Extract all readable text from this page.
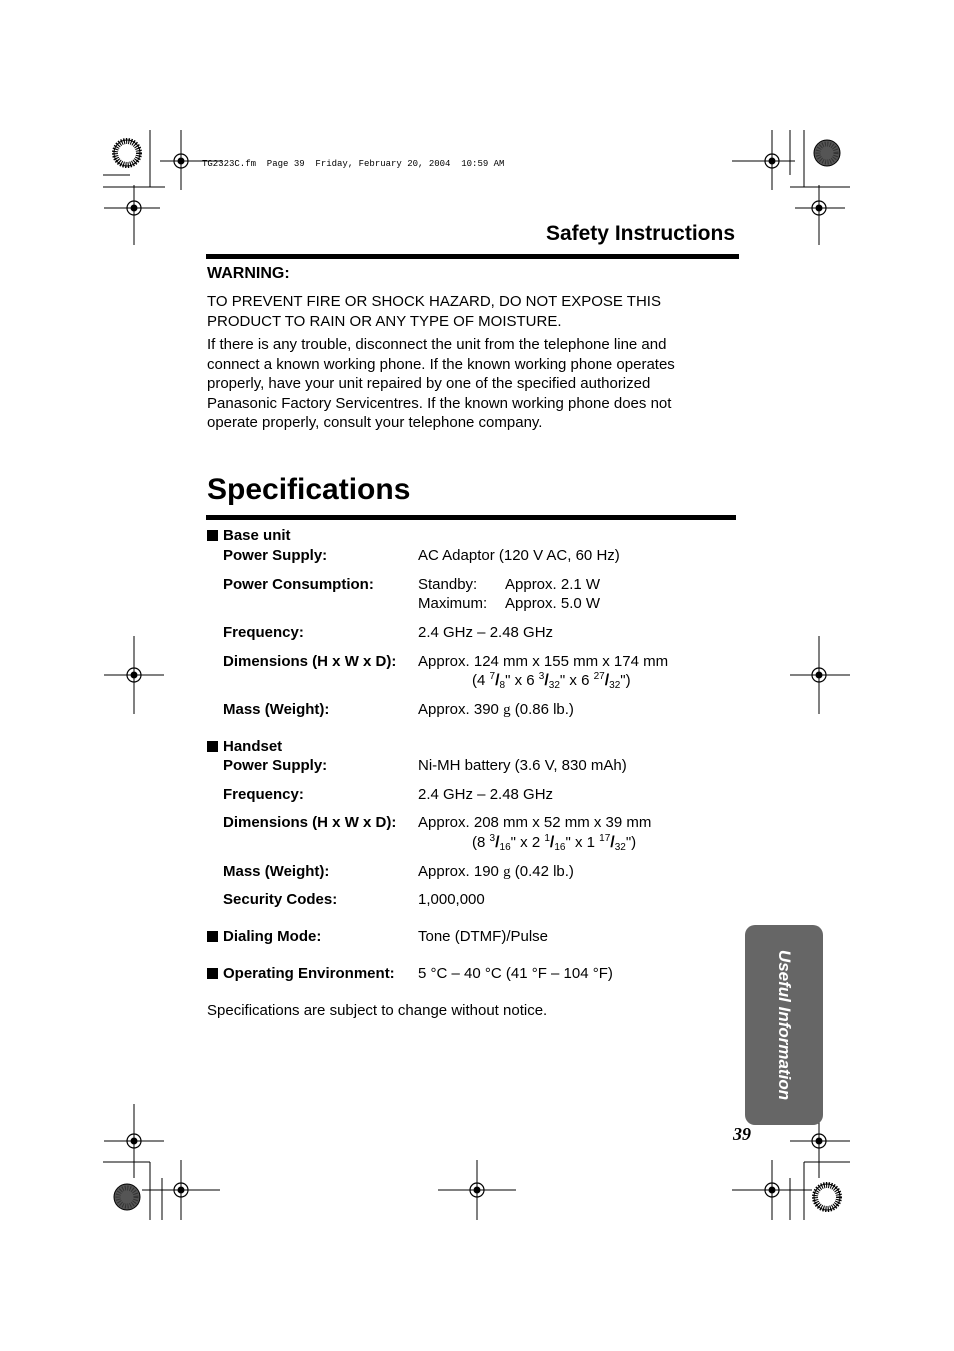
TG2323C.fm  Page 39  Friday, February 20, 2004  10:59 AM
Safety Instructions
WARNING:
TO PREVENT FIRE OR SHOCK HAZARD, DO NOT EXPOSE THIS
PRODUCT TO RAIN OR ANY TYPE OF MOISTURE.
If there is any trouble, disconnect the unit from the telephone line and
connect a known working phone. If the known working phone operates
properly, have your unit repaired by one of the specified authorized
Panasonic Factory Servicentres. If the known working phone does not
operate properly, consult your telephone company.
Specifications
Base unit
Power Supply:	AC Adaptor (120 V AC, 60 Hz)
Power Consumption:	Standby: Approx. 2.1 W
Maximum: Approx. 5.0 W
Frequency:	2.4 GHz – 2.48 GHz
Dimensions (H x W x D): Approx. 124 mm x 155 mm x 174 mm
(4 $^7/_8$" x 6 $^3/_{32}$" x 6 $^{27}/_{32}$")
Mass (Weight):	Approx. 390 g (0.86 lb.)
Handset
Power Supply:	Ni-MH battery (3.6 V, 830 mAh)
Frequency:	2.4 GHz – 2.48 GHz
Dimensions (H x W x D): Approx. 208 mm x 52 mm x 39 mm
(8 $^3/_{16}$" x 2 $^1/_{16}$" x 1 $^{17}/_{32}$")
Mass (Weight):	Approx. 190 g (0.42 lb.)
Security Codes:	1,000,000
Dialing Mode:	Tone (DTMF)/Pulse
Operating Environment: 5 °C – 40 °C (41 °F – 104 °F)
Specifications are subject to change without notice.	Useful Information
39
